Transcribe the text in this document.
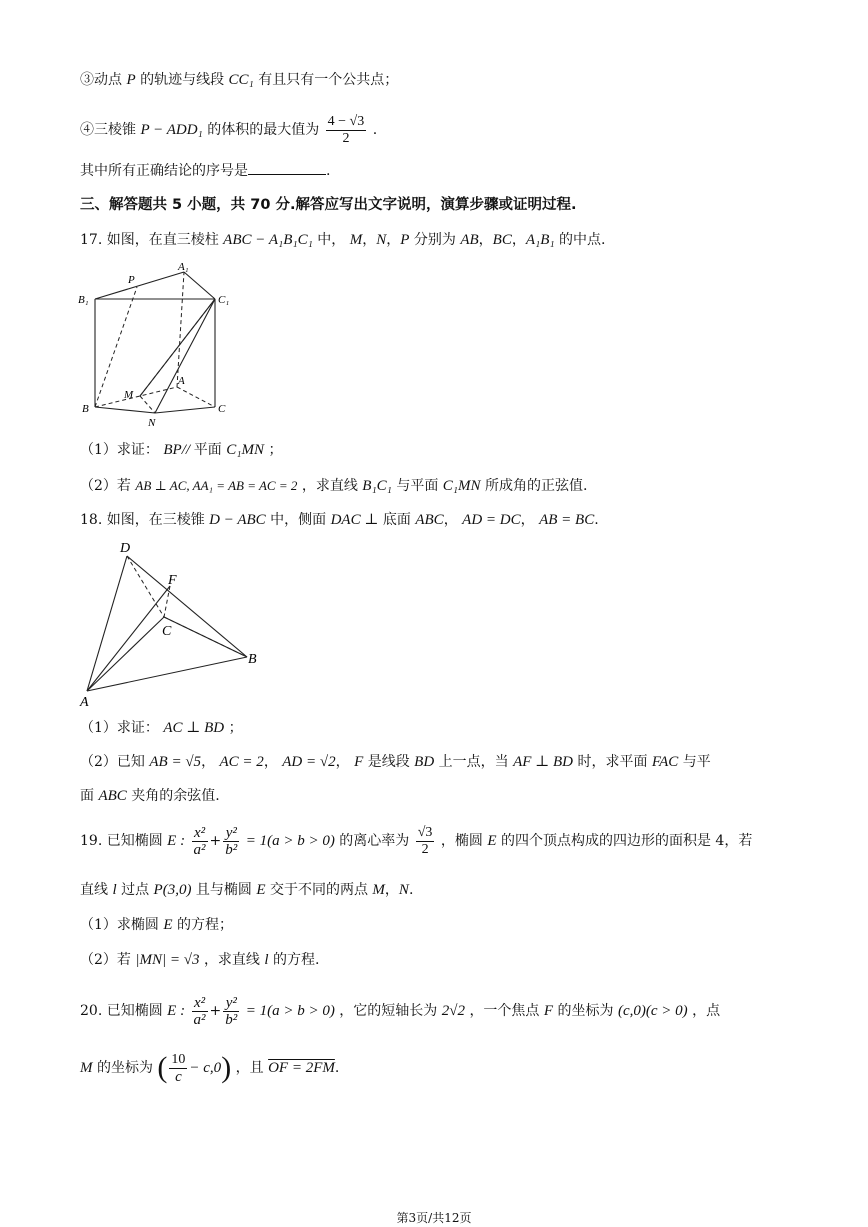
③动点 P 的轨迹与线段 CC₁ 有且只有一个公共点；
④三棱锥 P − ADD₁ 的体积的最大值为 $\frac{4 - √3}{2}$ .
其中所有正确结论的序号是	.
三、解答题共 5 小题，共 70 分.解答应写出文字说明，演算步骤或证明过程.
17. 如图，在直三棱柱 ABC − A₁B₁C₁ 中， M，N，P 分别为 AB，BC，A₁B₁ 的中点.
B₁
P
A₁
C₁
B
M
A
C
N
（1）求证： BP// 平面 C₁MN ；
（2）若 AB ⊥ AC, AA₁ = AB = AC = 2 ，求直线 B₁C₁ 与平面 C₁MN 所成角的正弦值.
18. 如图，在三棱锥 D − ABC 中，侧面 DAC ⊥ 底面 ABC， AD = DC， AB = BC.
D
F
C
B
A
（1）求证： AC ⊥ BD ；
（2）已知 AB = √5， AC = 2， AD = √2， F 是线段 BD 上一点，当 AF ⊥ BD 时，求平面 FAC 与平
面 ABC 夹角的余弦值.
19. 已知椭圆 E : $\frac{\text{x²}}{\text{a²}} + \frac{\text{y²}}{\text{b²}} = 1(a > b > 0)$ 的离心率为 $\frac{√3}{2}$ ，椭圆 E 的四个顶点构成的四边形的面积是 4，若
直线 l 过点 P(3,0) 且与椭圆 E 交于不同的两点 M，N.
（1）求椭圆 E 的方程；
（2）若 |MN| = √3 ，求直线 l 的方程.
20. 已知椭圆 E : $\frac{\text{x²}}{\text{a²}} + \frac{\text{y²}}{\text{b²}} = 1(a > b > 0)$ ，它的短轴长为 2√2 ，一个焦点 F 的坐标为 (c,0)(c > 0) ，点
M 的坐标为 ( $\frac{10}{c} - c,0$) ，且 OF = 2FM.
第3页/共12页
